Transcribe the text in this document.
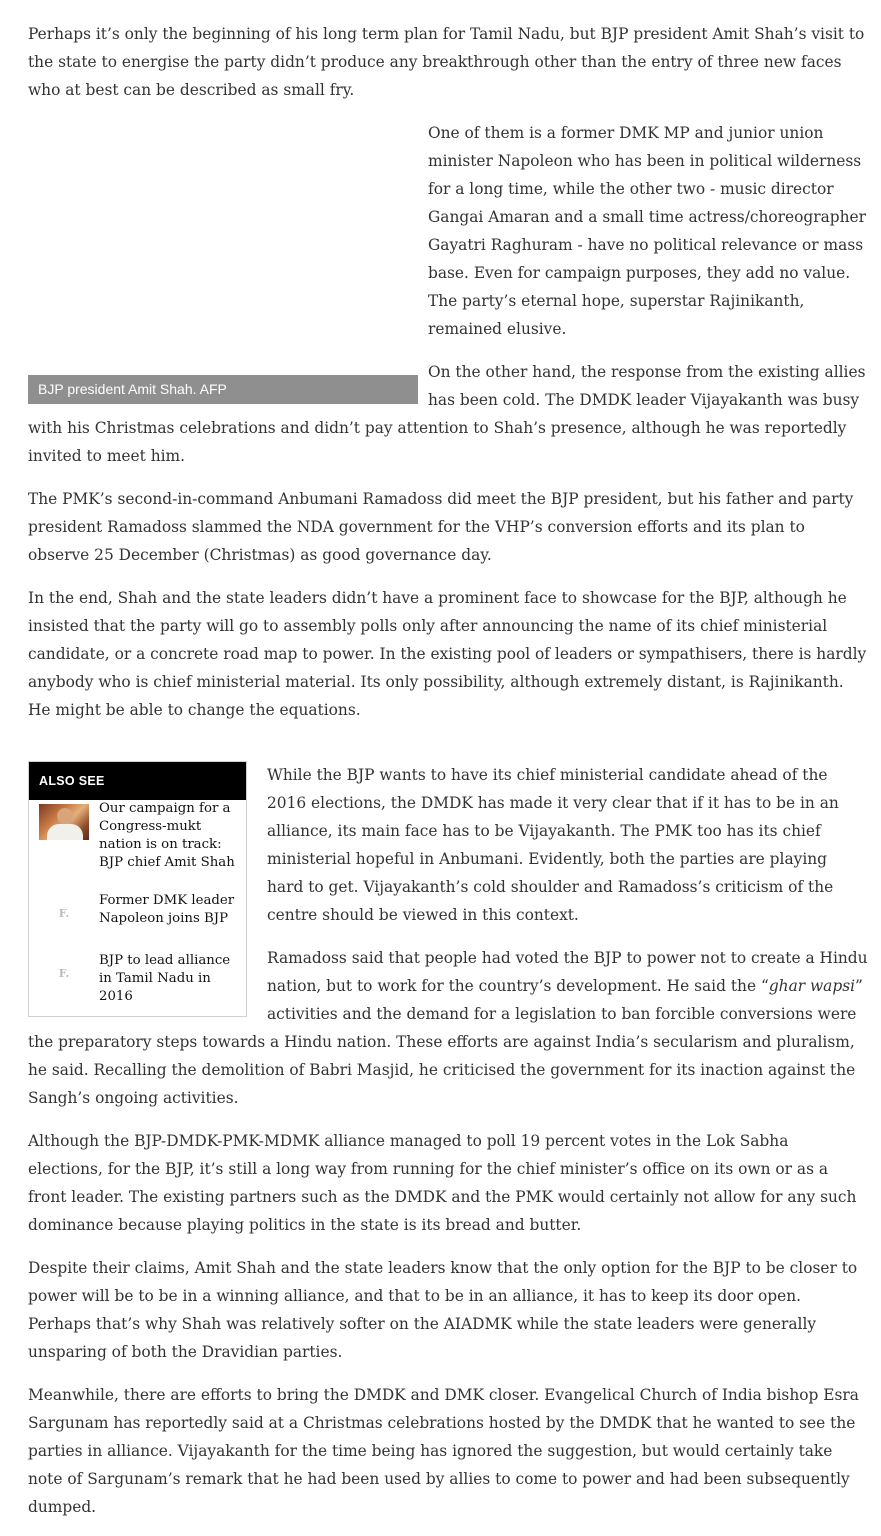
Perhaps it’s only the beginning of his long term plan for Tamil Nadu, but BJP president Amit Shah’s visit to the state to energise the party didn’t produce any breakthrough other than the entry of three new faces who at best can be described as small fry.

BJP president Amit Shah. AFP

One of them is a former DMK MP and junior union minister Napoleon who has been in political wilderness for a long time, while the other two - music director Gangai Amaran and a small time actress/choreographer Gayatri Raghuram - have no political relevance or mass base. Even for campaign purposes, they add no value. The party’s eternal hope, superstar Rajinikanth, remained elusive.

On the other hand, the response from the existing allies has been cold. The DMDK leader Vijayakanth was busy with his Christmas celebrations and didn’t pay attention to Shah’s presence, although he was reportedly invited to meet him.

The PMK’s second-in-command Anbumani Ramadoss did meet the BJP president, but his father and party president Ramadoss slammed the NDA government for the VHP’s conversion efforts and its plan to observe 25 December (Christmas) as good governance day.

In the end, Shah and the state leaders didn’t have a prominent face to showcase for the BJP, although he insisted that the party will go to assembly polls only after announcing the name of its chief ministerial candidate, or a concrete road map to power. In the existing pool of leaders or sympathisers, there is hardly anybody who is chief ministerial material. Its only possibility, although extremely distant, is Rajinikanth. He might be able to change the equations.

ALSO SEE
Our campaign for a Congress-mukt nation is on track: BJP chief Amit Shah
F.
Former DMK leader Napoleon joins BJP
F.
BJP to lead alliance in Tamil Nadu in 2016

While the BJP wants to have its chief ministerial candidate ahead of the 2016 elections, the DMDK has made it very clear that if it has to be in an alliance, its main face has to be Vijayakanth. The PMK too has its chief ministerial hopeful in Anbumani. Evidently, both the parties are playing hard to get. Vijayakanth’s cold shoulder and Ramadoss’s criticism of the centre should be viewed in this context.

Ramadoss said that people had voted the BJP to power not to create a Hindu nation, but to work for the country’s development. He said the “ghar wapsi” activities and the demand for a legislation to ban forcible conversions were the preparatory steps towards a Hindu nation. These efforts are against India’s secularism and pluralism, he said. Recalling the demolition of Babri Masjid, he criticised the government for its inaction against the Sangh’s ongoing activities.

Although the BJP-DMDK-PMK-MDMK alliance managed to poll 19 percent votes in the Lok Sabha elections, for the BJP, it’s still a long way from running for the chief minister’s office on its own or as a front leader. The existing partners such as the DMDK and the PMK would certainly not allow for any such dominance because playing politics in the state is its bread and butter.

Despite their claims, Amit Shah and the state leaders know that the only option for the BJP to be closer to power will be to be in a winning alliance, and that to be in an alliance, it has to keep its door open. Perhaps that’s why Shah was relatively softer on the AIADMK while the state leaders were generally unsparing of both the Dravidian parties.

Meanwhile, there are efforts to bring the DMDK and DMK closer. Evangelical Church of India bishop Esra Sargunam has reportedly said at a Christmas celebrations hosted by the DMDK that he wanted to see the parties in alliance. Vijayakanth for the time being has ignored the suggestion, but would certainly take note of Sargunam’s remark that he had been used by allies to come to power and had been subsequently dumped.
